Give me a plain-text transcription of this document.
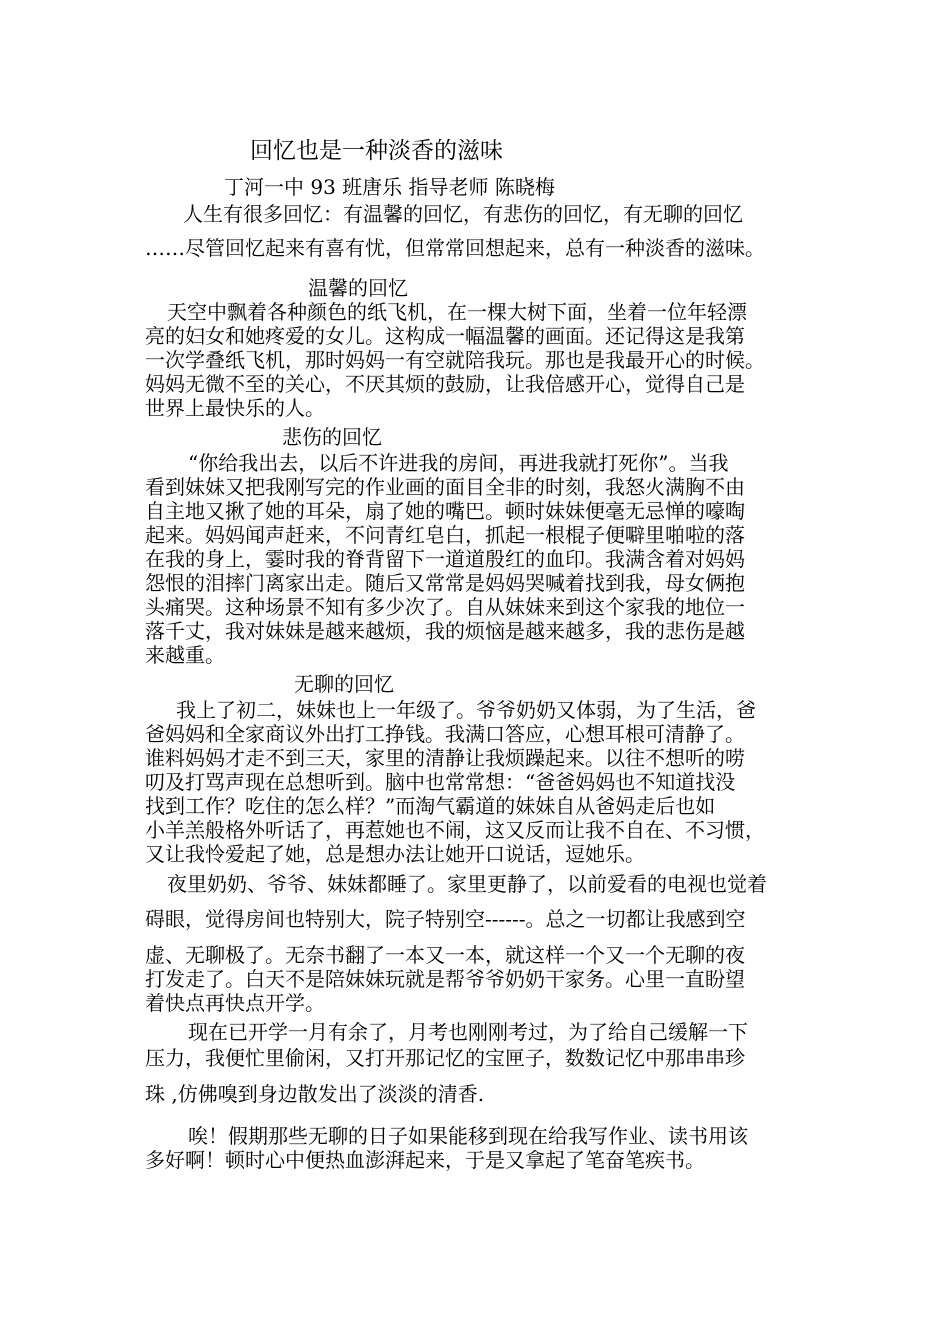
回忆也是一种淡香的滋味
丁河一中 93 班唐乐 指导老师 陈晓梅
人生有很多回忆：有温馨的回忆，有悲伤的回忆，有无聊的回忆
……尽管回忆起来有喜有忧，但常常回想起来，总有一种淡香的滋味。
温馨的回忆
天空中飘着各种颜色的纸飞机，在一棵大树下面，坐着一位年轻漂
亮的妇女和她疼爱的女儿。这构成一幅温馨的画面。还记得这是我第
一次学叠纸飞机，那时妈妈一有空就陪我玩。那也是我最开心的时候。
妈妈无微不至的关心，不厌其烦的鼓励，让我倍感开心，觉得自己是
世界上最快乐的人。
悲伤的回忆
“你给我出去，以后不许进我的房间，再进我就打死你”。当我
看到妹妹又把我刚写完的作业画的面目全非的时刻，我怒火满胸不由
自主地又揪了她的耳朵，扇了她的嘴巴。顿时妹妹便毫无忌惮的嚎啕
起来。妈妈闻声赶来，不问青红皂白，抓起一根棍子便噼里啪啦的落
在我的身上，霎时我的脊背留下一道道殷红的血印。我满含着对妈妈
怨恨的泪摔门离家出走。随后又常常是妈妈哭喊着找到我，母女俩抱
头痛哭。这种场景不知有多少次了。自从妹妹来到这个家我的地位一
落千丈，我对妹妹是越来越烦，我的烦恼是越来越多，我的悲伤是越
来越重。
无聊的回忆
我上了初二，妹妹也上一年级了。爷爷奶奶又体弱，为了生活，爸
爸妈妈和全家商议外出打工挣钱。我满口答应，心想耳根可清静了。
谁料妈妈才走不到三天，家里的清静让我烦躁起来。以往不想听的唠
叨及打骂声现在总想听到。脑中也常常想：“爸爸妈妈也不知道找没
找到工作？吃住的怎么样？”而淘气霸道的妹妹自从爸妈走后也如
小羊羔般格外听话了，再惹她也不闹，这又反而让我不自在、不习惯，
又让我怜爱起了她，总是想办法让她开口说话，逗她乐。
夜里奶奶、爷爷、妹妹都睡了。家里更静了，以前爱看的电视也觉着
碍眼，觉得房间也特别大，院子特别空------。总之一切都让我感到空
虚、无聊极了。无奈书翻了一本又一本，就这样一个又一个无聊的夜
打发走了。白天不是陪妹妹玩就是帮爷爷奶奶干家务。心里一直盼望
着快点再快点开学。
现在已开学一月有余了，月考也刚刚考过，为了给自己缓解一下
压力，我便忙里偷闲，又打开那记忆的宝匣子，数数记忆中那串串珍
珠 ,仿佛嗅到身边散发出了淡淡的清香.
唉！假期那些无聊的日子如果能移到现在给我写作业、读书用该
多好啊！顿时心中便热血澎湃起来，于是又拿起了笔奋笔疾书。
